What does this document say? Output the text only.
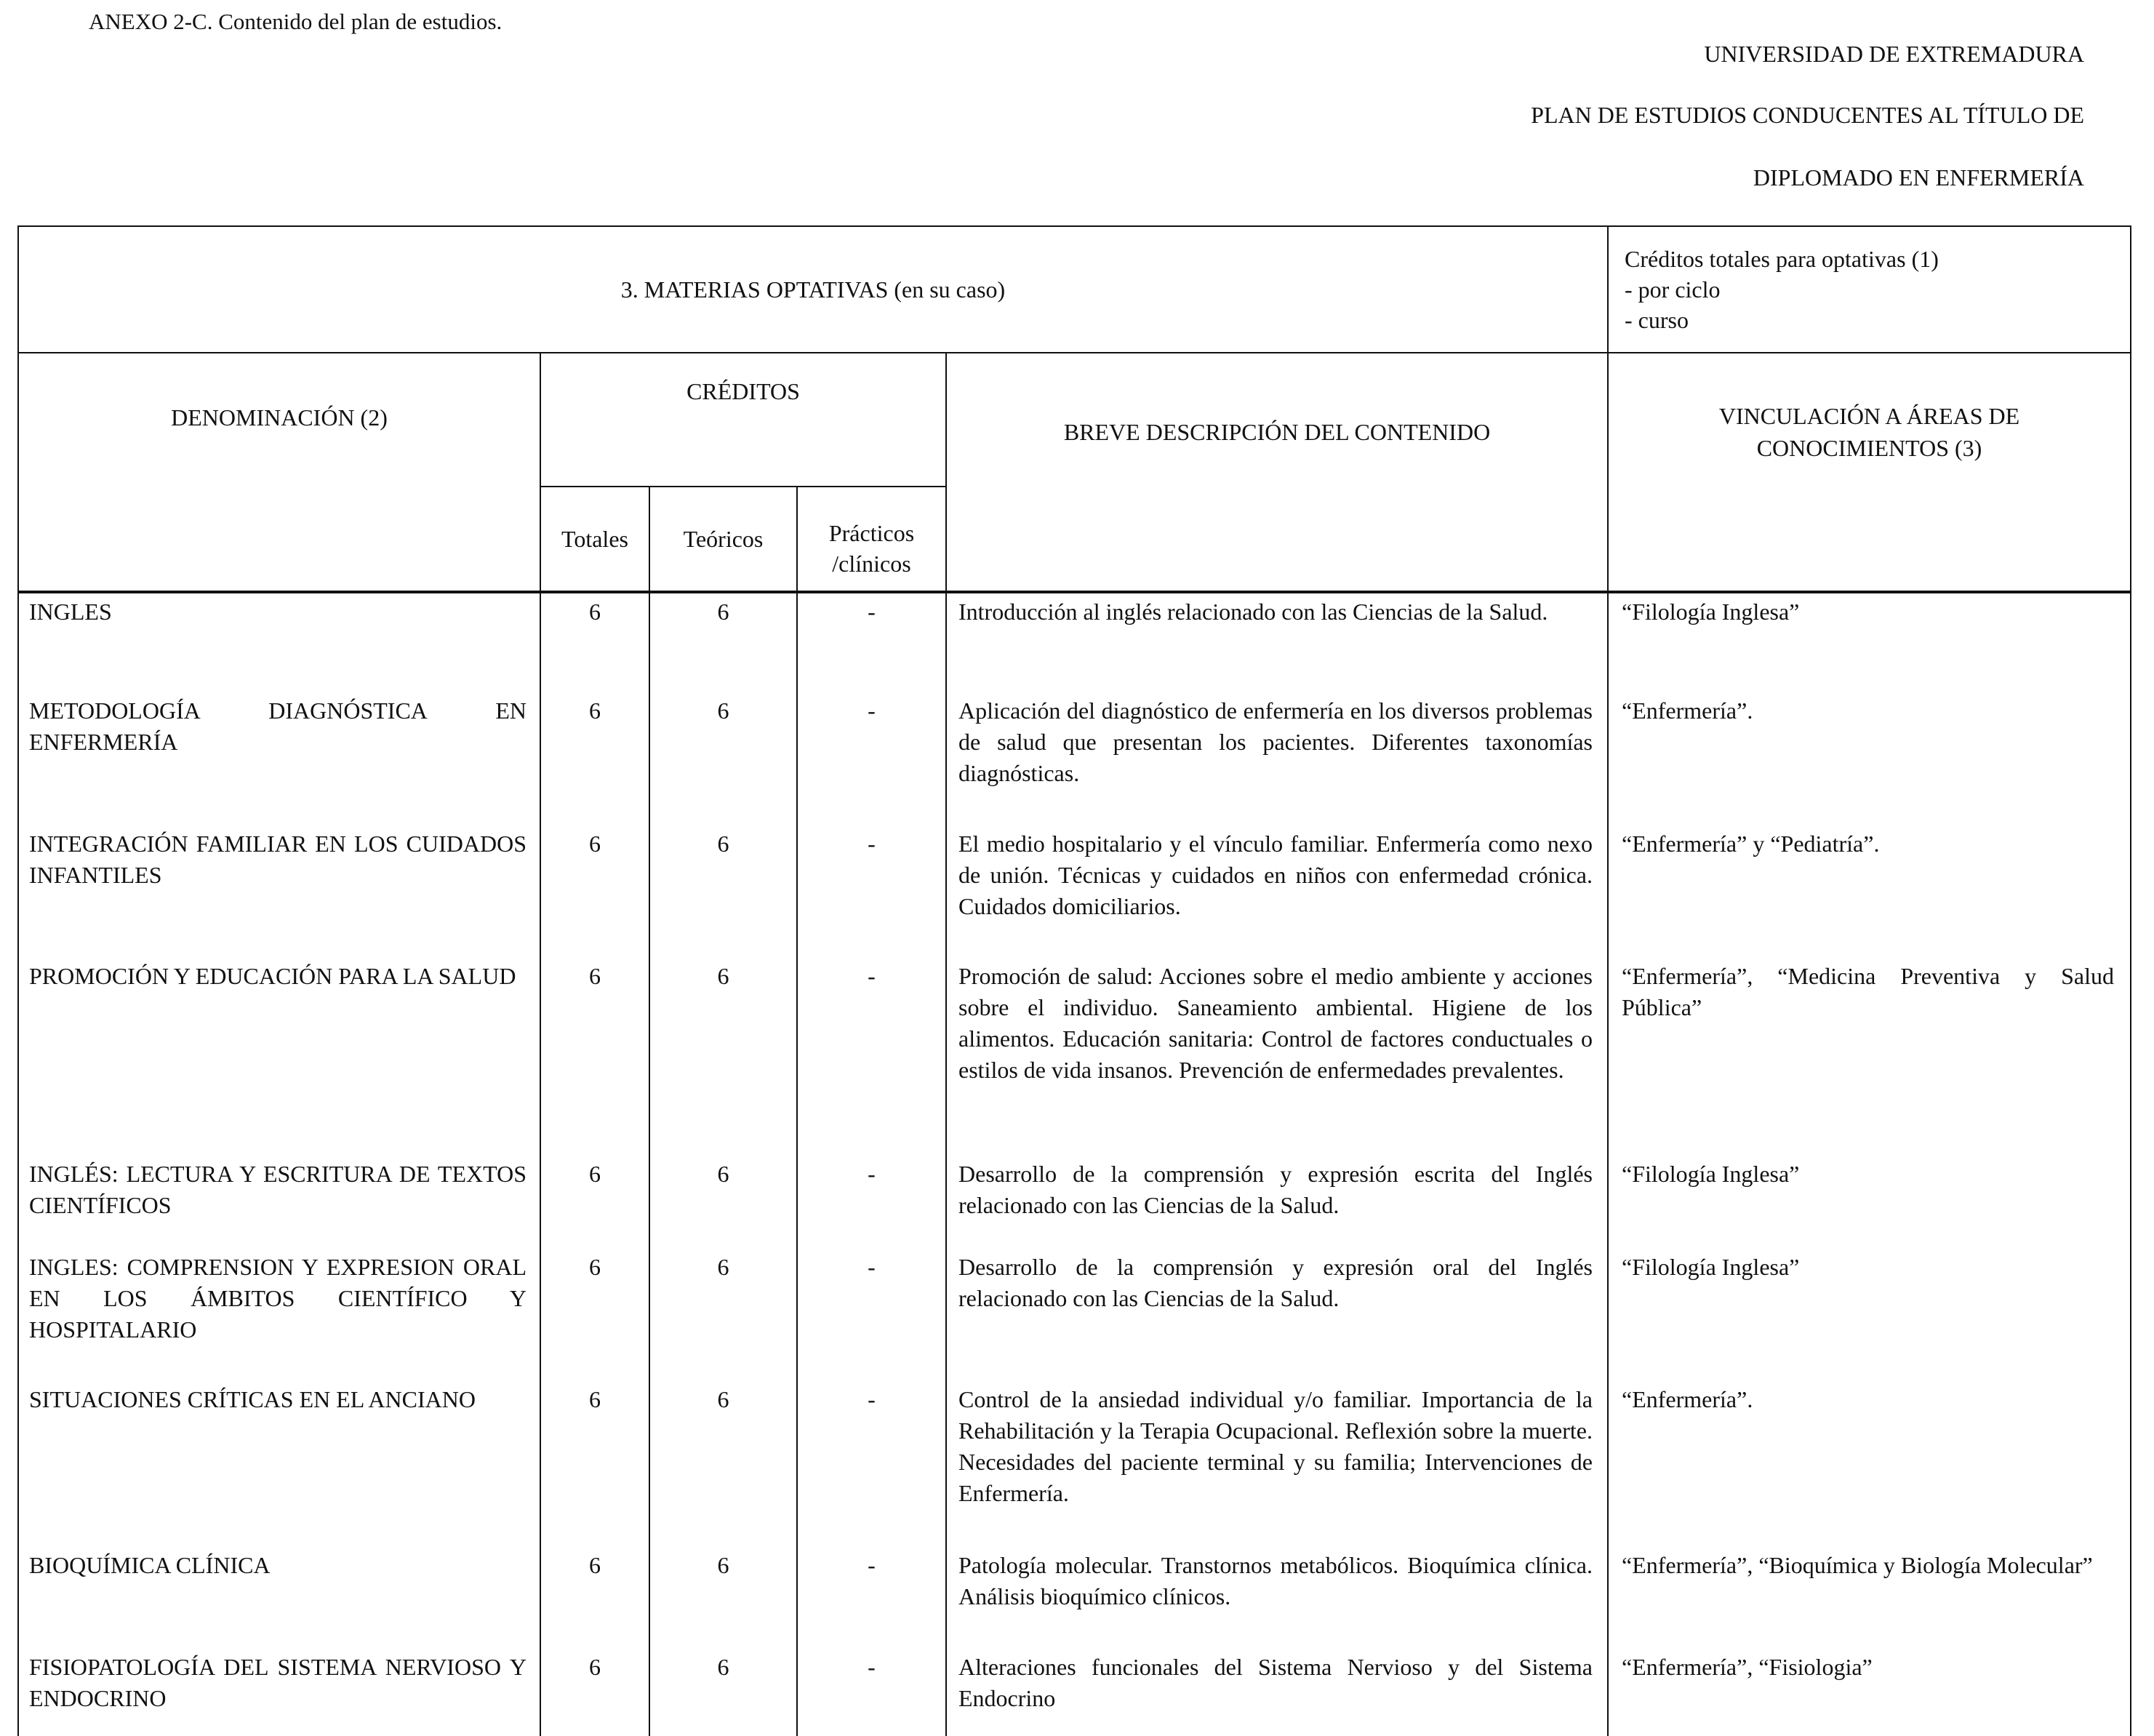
ANEXO 2-C. Contenido del plan de estudios.
UNIVERSIDAD DE EXTREMADURA
PLAN DE ESTUDIOS CONDUCENTES AL TÍTULO DE
DIPLOMADO EN ENFERMERÍA
3. MATERIAS OPTATIVAS (en su caso)					Créditos totales para optativas (1)
- por ciclo
- curso

DENOMINACIÓN (2)	CRÉDITOS			BREVE DESCRIPCIÓN DEL CONTENIDO	VINCULACIÓN A ÁREAS DE
CONOCIMIENTOS (3)

	Totales	Teóricos	Prácticos
/clínicos		

INGLES	6	6	-	Introducción al inglés relacionado con las Ciencias de la Salud.	“Filología Inglesa”
METODOLOGÍA DIAGNÓSTICA EN ENFERMERÍA	6	6	-	Aplicación del diagnóstico de enfermería en los diversos problemas de salud que presentan los pacientes. Diferentes taxonomías diagnósticas.	“Enfermería”.
INTEGRACIÓN FAMILIAR EN LOS CUIDADOS INFANTILES	6	6	-	El medio hospitalario y el vínculo familiar. Enfermería como nexo de unión. Técnicas y cuidados en niños con enfermedad crónica. Cuidados domiciliarios.	“Enfermería” y “Pediatría”.
PROMOCIÓN Y EDUCACIÓN PARA LA SALUD	6	6	-	Promoción de salud: Acciones sobre el medio ambiente y acciones sobre el individuo. Saneamiento ambiental. Higiene de los alimentos. Educación sanitaria: Control de factores conductuales o estilos de vida insanos. Prevención de enfermedades prevalentes.	“Enfermería”, “Medicina Preventiva y Salud Pública”
INGLÉS: LECTURA Y ESCRITURA DE TEXTOS CIENTÍFICOS	6	6	-	Desarrollo de la comprensión y expresión escrita del Inglés relacionado con las Ciencias de la Salud.	“Filología Inglesa”
INGLES: COMPRENSION Y EXPRESION ORAL EN LOS ÁMBITOS CIENTÍFICO Y HOSPITALARIO	6	6	-	Desarrollo de la comprensión y expresión oral del Inglés relacionado con las Ciencias de la Salud.	“Filología Inglesa”
SITUACIONES CRÍTICAS EN EL ANCIANO	6	6	-	Control de la ansiedad individual y/o familiar. Importancia de la Rehabilitación y la Terapia Ocupacional. Reflexión sobre la muerte. Necesidades del paciente terminal y su familia; Intervenciones de Enfermería.	“Enfermería”.
BIOQUÍMICA CLÍNICA	6	6	-	Patología molecular. Transtornos metabólicos. Bioquímica clínica. Análisis bioquímico clínicos.	“Enfermería”, “Bioquímica y Biología Molecular”
FISIOPATOLOGÍA DEL SISTEMA NERVIOSO Y ENDOCRINO	6	6	-	Alteraciones funcionales del Sistema Nervioso y del Sistema Endocrino	“Enfermería”, “Fisiologia”
